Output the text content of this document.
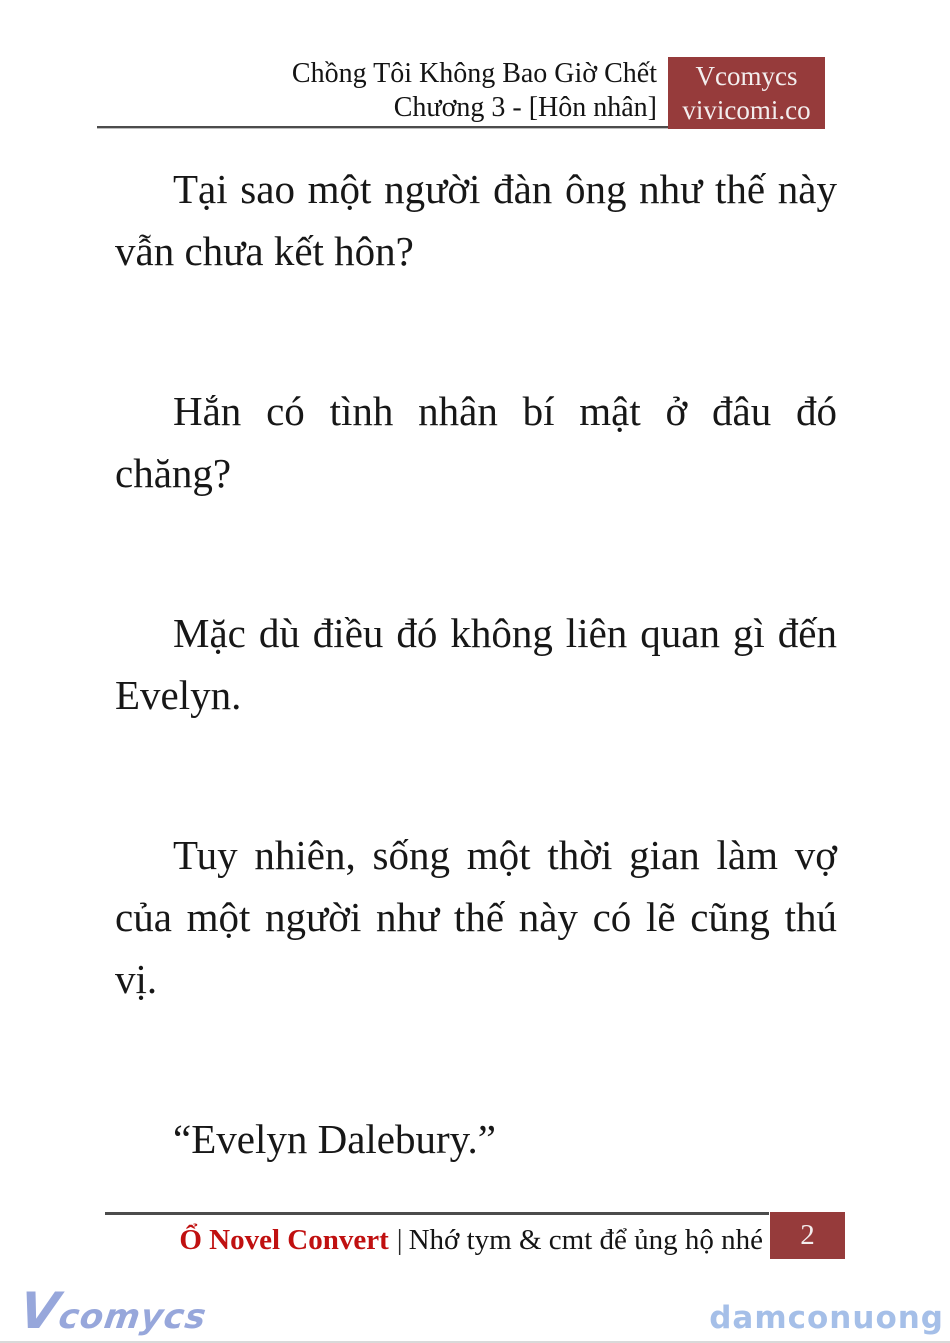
Chồng Tôi Không Bao Giờ Chết
Chương 3 - [Hôn nhân]
Vcomycs
vivicomi.co

Tại sao một người đàn ông như thế này vẫn chưa kết hôn?

Hắn có tình nhân bí mật ở đâu đó chăng?

Mặc dù điều đó không liên quan gì đến Evelyn.

Tuy nhiên, sống một thời gian làm vợ của một người như thế này có lẽ cũng thú vị.

“Evelyn Dalebury.”

Ổ Novel Convert | Nhớ tym & cmt để ủng hộ nhé 2
Vcomycs	damconuong
